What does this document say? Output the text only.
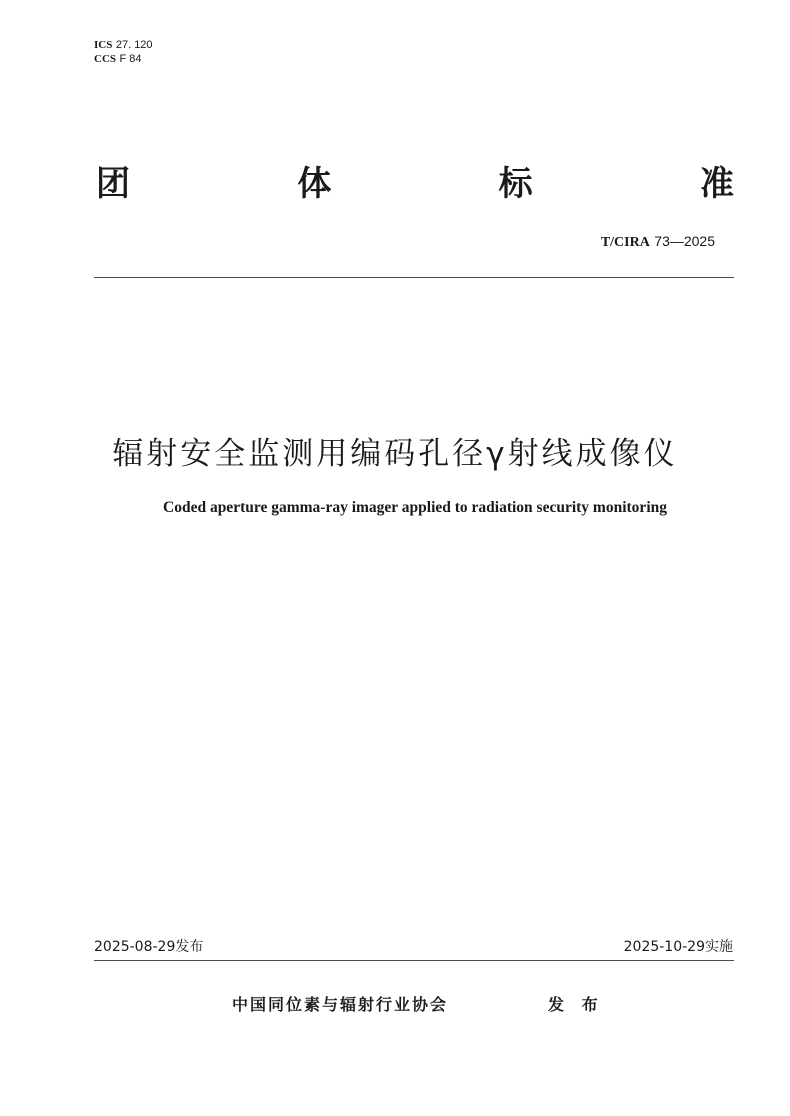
ICS 27. 120
CCS F 84
团	体	标	准
T/CIRA 73—2025
辐射安全监测用编码孔径γ射线成像仪
Coded aperture gamma-ray imager applied to radiation security monitoring
2025-08-29发布	2025-10-29实施
中国同位素与辐射行业协会	发 布
